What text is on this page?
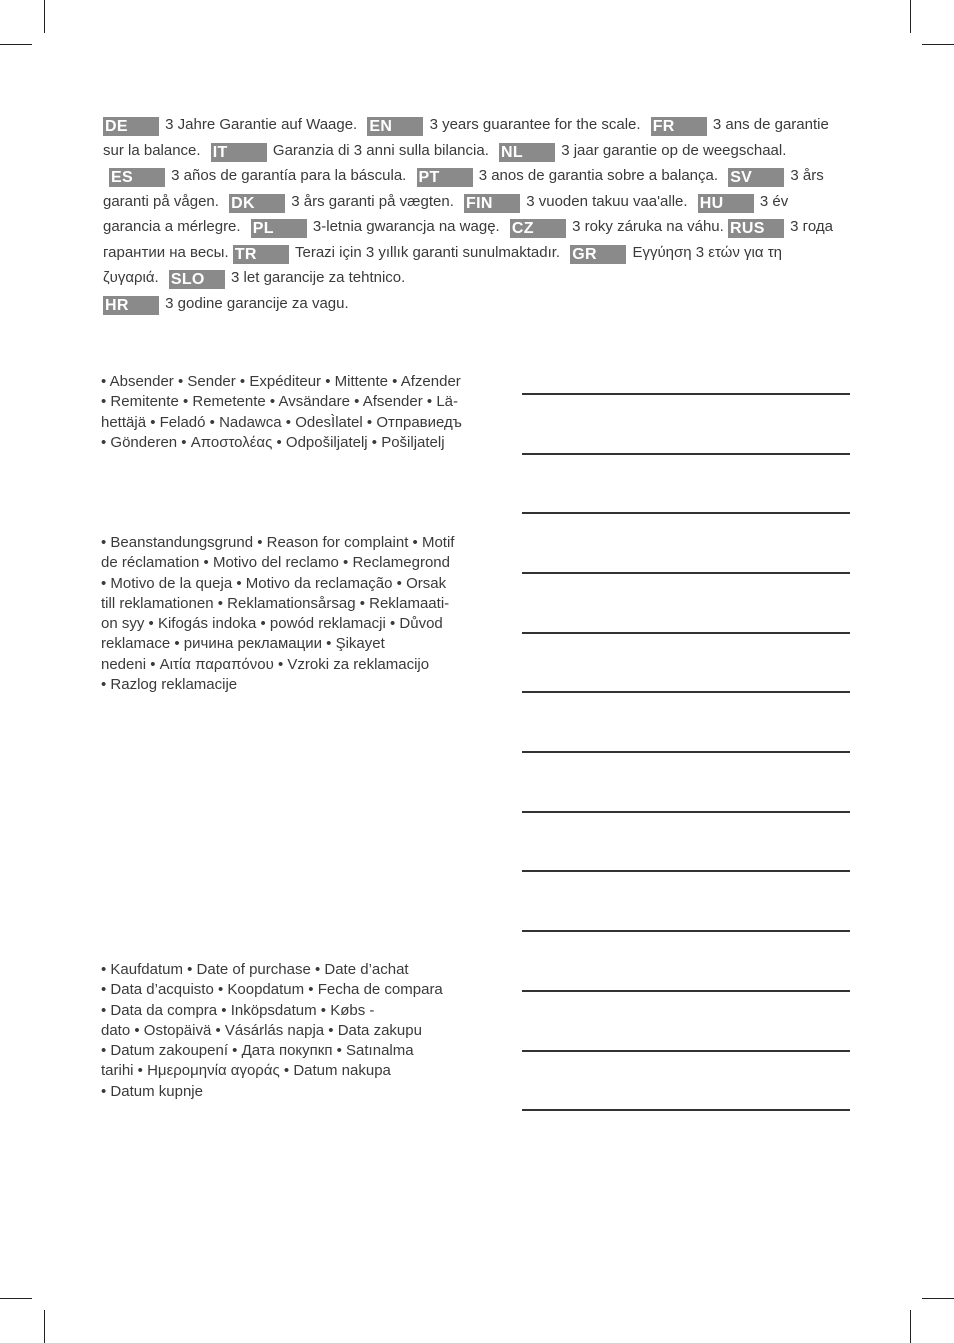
DE 3 Jahre Garantie auf Waage. EN 3 years guarantee for the scale. FR	3 ans de garantie sur la balance. IT	Garanzia di 3 anni sulla bilancia. NL	3 jaar garantie op de weegschaal. ES	3 años de garantía para la báscula. PT	3 anos de garantia sobre a balança. SV	3 års garanti på vågen. DK 3 års garanti på vægten. FIN 3 vuoden takuu vaa'alle. HU 3 év garancia a mérlegre. PL	3-letnia gwarancja na wagę. CZ	3 roky záruka na váhu. RUS 3 года гарантии на весы. TR	Terazi için 3 yıllık garanti sunulmaktadır. GR Εγγύηση 3 ετών για τη ζυγαριά. SLO 3 let garancije za tehtnico.
HR 3 godine garancije za vagu.
• Absender • Sender • Expéditeur • Mittente • Afzender
• Remitente • Remetente • Avsändare • Afsender • Lä-
hettäjä • Feladó • Nadawca • OdesÌlatel • Отправиедъ
• Gönderen • Αποστολέας • Odpošiljatelj • Pošiljatelj
• Beanstandungsgrund • Reason for complaint • Motif
de réclamation • Motivo del reclamo • Reclamegrond
• Motivo de la queja • Motivo da reclamação • Orsak
till reklamationen • Reklamationsårsag • Reklamaati-
on syy • Kifogás indoka • powód reklamacji • Důvod
reklamace • ричина рекламации • Şikayet
nedeni • Αιτία παραπόνου • Vzroki za reklamacijo
• Razlog reklamacije
• Kaufdatum • Date of purchase • Date d’achat
• Data d’acquisto • Koopdatum • Fecha de compara
• Data da compra • Inköpsdatum • Købs -
dato • Ostopäivä • Vásárlás napja • Data zakupu
• Datum zakoupení • Дата покупкп • Satınalma
tarihi • Ημερομηνία αγοράς • Datum nakupa
• Datum kupnje
